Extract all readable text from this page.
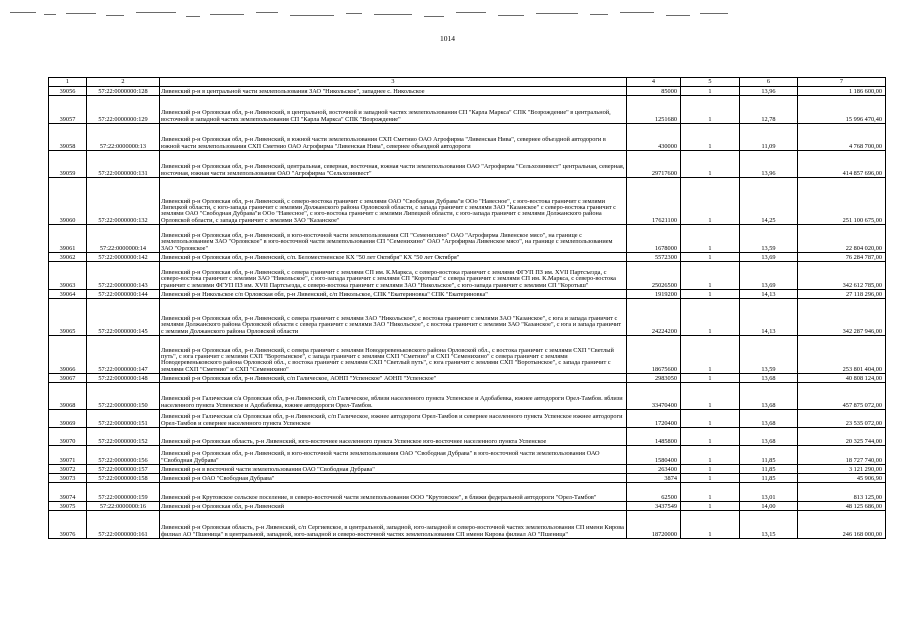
1014
1	2	3	4	5	6	7
39056	57:22:0000000:128	Ливенский р-н в центральной части землепользования ЗАО "Никольское", западнее с. Никольское	85000	1	13,96	1 186 600,00
39057	57:22:0000000:129	Ливенский р-н Орловская обл, р-н Ливенский, в центральной, восточной и западной частях землепользования СП "Карла Маркса" СПК "Возрождение" в центральной, восточной и западной частях землепользования СП "Карла Маркса" СПК "Возрождение"	1251680	1	12,78	15 996 470,40
39058	57:22:0000000:13	Ливенский р-н Орловская обл, р-н Ливенский, в южной части землепользования СХП Сметнио ОАО Агрофирма "Ливенская Нива", севернее объездной автодороги в южной части землепользования СХП Сметнио ОАО Агрофирма "Ливенская Нива", севернее объездной автодороги	430000	1	11,09	4 768 700,00
39059	57:22:0000000:131	Ливенский р-н Орловская обл, р-н Ливенский, центральная, северная, восточная, южная части землепользования ОАО "Агрофирма "Сельхозинвест" центральная, северная, восточная, южная части землепользования ОАО "Агрофирма "Сельхозинвест"	29717600	1	13,96	414 857 696,00
39060	57:22:0000000:132	Ливенский р-н Орловская обл, р-н Ливенский, с северо-востока граничит с землями ОАО "Свободная Дубрава"и ООо "Навесное", с юго-востока граничит с землями Липецкой области, с юго-запада граничит с землями Должанского района Орловской области, с запада граничит с землями ЗАО "Казанское" с северо-востока граничит с землями ОАО "Свободная Дубрава"и ООо "Навесное", с юго-востока граничит с землями Липецкой области, с юго-запада граничит с землями Должанского района Орловской области, с запада граничит с землями ЗАО "Казанское"	17621100	1	14,25	251 100 675,00
39061	57:22:0000000:14	Ливенский р-н Орловская обл, р-н Ливенский, в юго-восточной части землепользования СП "Семенихино" ОАО "Агрофирма Ливенское мясо", на границе с землепользованием ЗАО "Орловское" в юго-восточной части землепользования СП "Семенихино" ОАО "Агрофирма Ливенское мясо", на границе с землепользованием ЗАО "Орловское"	1678000	1	13,59	22 804 020,00
39062	57:22:0000000:142	Ливенский р-н Орловская обл, р-н Ливенский, с/п. Беломестненское КХ "50 лет Октября" КХ "50 лет Октября"	5572300	1	13,69	76 284 787,00
39063	57:22:0000000:143	Ливенский р-н Орловская обл, р-н Ливенский, с севера граничит с землями СП им. К.Маркса, с северо-востока граничит с землями ФГУП ПЗ им. XVII Партсъезда, с северо-востока граничит с землями ЗАО "Никольское", с юго-запада граничит с землями СП "Коротыш" с севера граничит с землями СП им. К.Маркса, с северо-востока граничит с землями ФГУП ПЗ им. XVII Партсъезда, с северо-востока граничит с землями ЗАО "Никольское", с юго-запада граничит с землями СП "Коротыш"	25026500	1	13,69	342 612 785,00
39064	57:22:0000000:144	Ливенский р-н Никольское с/п Орловская обл, р-н Ливенский, с/п Никольское, СПК "Екатериновка" СПК "Екатериновка"	1919200	1	14,13	27 118 296,00
39065	57:22:0000000:145	Ливенский р-н Орловская обл, р-н Ливенский, с севера граничит с землями ЗАО "Никольское", с востока граничит с землями ЗАО "Казанское", с юга и запада граничит с землями Должанского района Орловской области с севера граничит с землями ЗАО "Никольское", с востока граничит с землями ЗАО "Казанское", с юга и запада граничит с землями Должанского района Орловской области	24224200	1	14,13	342 287 946,00
39066	57:22:0000000:147	Ливенский р-н Орловская обл, р-н Ливенский, с севера граничит с землями Новодеревеньковского района Орловской обл., с востока граничит с землями СХП "Светлый путь", с юга граничит с землями СХП "Воротынское", с запада граничит с землями СХП "Сметнио" и СХП "Семенихино" с севера граничит с землями Новодеревеньковского района Орловской обл., с востока граничит с землями СХП "Светлый путь", с юга граничит с землями СХП "Воротынское", с запада граничит с землями СХП "Сметнио" и СХП "Семенихино"	18675600	1	13,59	253 801 404,00
39067	57:22:0000000:148	Ливенский р-н Орловская обл, р-н Ливенский, с/п Галическое, АОНП "Успенское" АОНП "Успенское"	2983050	1	13,68	40 808 124,00
39068	57:22:0000000:150	Ливенский р-н Галическая с/а Орловская обл, р-н Ливенский, с/п Галическое, вблизи населенного пункта Успенское и Адобабевка, южнее автодороги Орел-Тамбов. вблизи населенного пункта Успенское и Адобабевка, южнее автодороги Орел-Тамбов.	33470400	1	13,68	457 875 072,00
39069	57:22:0000000:151	Ливенский р-н Галическая с/а Орловская обл, р-н Ливенский, с/п Галическое, южнее автодороги Орел-Тамбов и севернее населенного пункта Успенское южнее автодороги Орел-Тамбов и севернее населенного пункта Успенское	1720400	1	13,68	23 535 072,00
39070	57:22:0000000:152	Ливенский р-н Орловская область, р-н Ливенский, юго-восточнее населенного пункта Успенское юго-восточнее населенного пункта Успенское	1485800	1	13,68	20 325 744,00
39071	57:22:0000000:156	Ливенский р-н Орловская обл, р-н Ливенский, в юго-восточной части землепользования ОАО "Свободная Дубрава" в юго-восточной части землепользования ОАО "Свободная Дубрава"	1580400	1	11,85	18 727 740,00
39072	57:22:0000000:157	Ливенский р-н в восточной части землепользования ОАО "Свободная Дубрава"	263400	1	11,85	3 121 290,00
39073	57:22:0000000:158	Ливенский р-н ОАО "Свободная Дубрава"	3874	1	11,85	45 906,90
39074	57:22:0000000:159	Ливенский р-н Крутовское сельское поселение, в северо-восточной части землепользования ООО "Крутовское", в ближи федеральной автодороги "Орел-Тамбов"	62500	1	13,01	813 125,00
39075	57:22:0000000:16	Ливенский р-н Орловская обл, р-н Ливенский	3437549	1	14,00	48 125 686,00
39076	57:22:0000000:161	Ливенский р-н Орловская область, р-н Ливенский, с/п Сергиевское, в центральной, западной, юго-западной и северо-восточной частях землепользования СП имени Кирова филиал АО "Пшеница" в центральной, западной, юго-западной и северо-восточной частях землепользования СП имени Кирова филиал АО "Пшеница"	18720000	1	13,15	246 168 000,00
